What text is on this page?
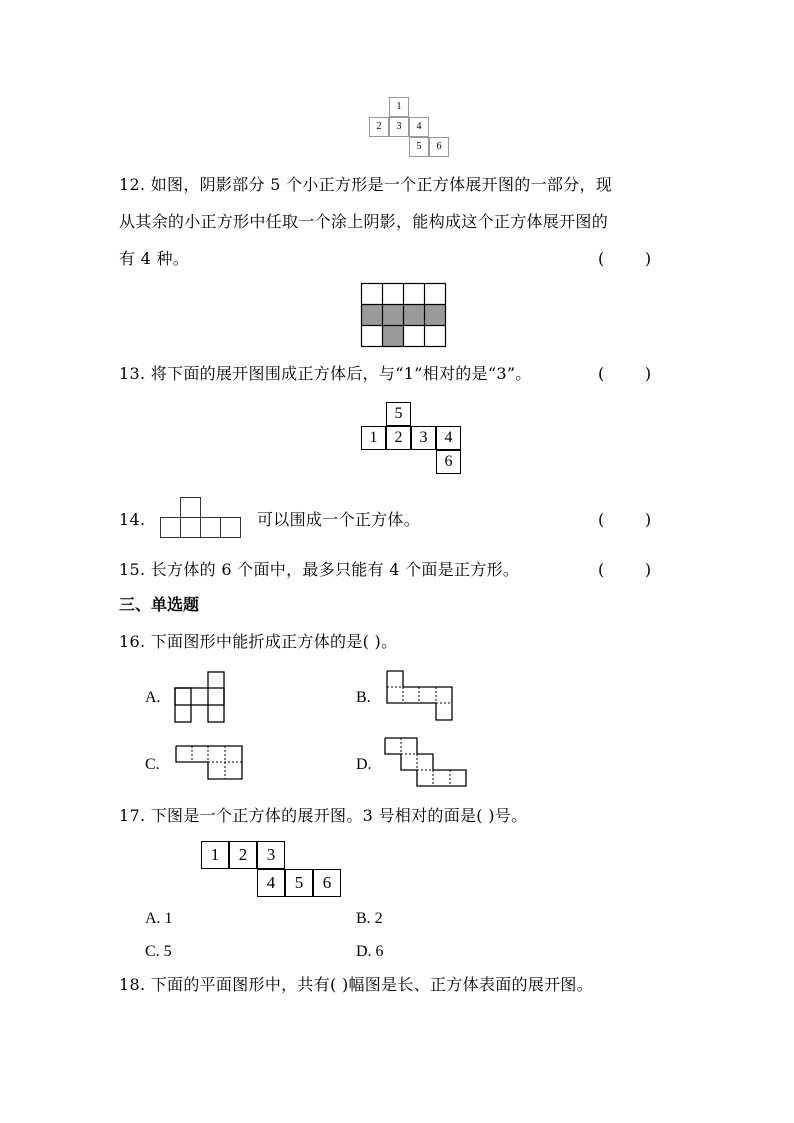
1
2	3	4
5	6
12. 如图，阴影部分 5 个小正方形是一个正方体展开图的一部分，现
从其余的小正方形中任取一个涂上阴影，能构成这个正方体展开图的
有 4 种。	(        )
13. 将下面的展开图围成正方体后，与“1”相对的是“3”。	(        )
5
1	2	3	4
6
14.	可以围成一个正方体。	(        )
15. 长方体的 6 个面中，最多只能有 4 个面是正方形。	(        )
三、单选题
16. 下面图形中能折成正方体的是( )。
A.	B.
C.	D.
17. 下图是一个正方体的展开图。3 号相对的面是( )号。
1	2	3
4	5	6
A. 1	B. 2
C. 5	D. 6
18. 下面的平面图形中，共有( )幅图是长、正方体表面的展开图。
